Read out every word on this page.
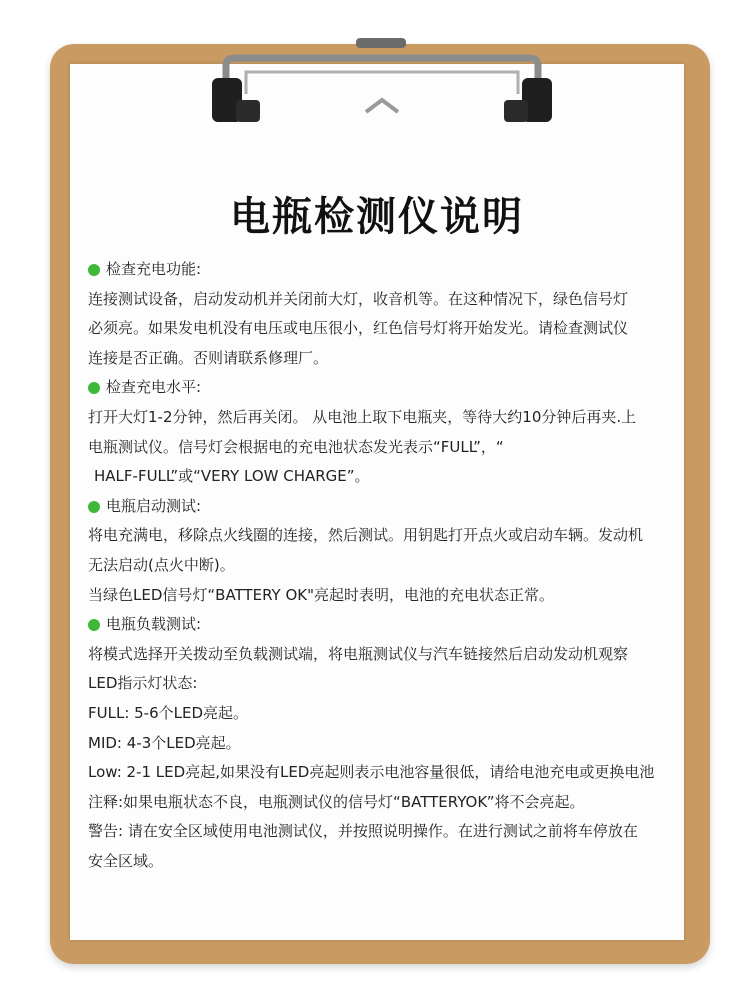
电瓶检测仪说明
检查充电功能:
连接测试设备，启动发动机并关闭前大灯，收音机等。在这种情况下，绿色信号灯
必须亮。如果发电机没有电压或电压很小，红色信号灯将开始发光。请检查测试仪
连接是否正确。否则请联系修理厂。
检查充电水平:
打开大灯1-2分钟，然后再关闭。 从电池上取下电瓶夹，等待大约10分钟后再夹.上
电瓶测试仪。信号灯会根据电的充电池状态发光表示“FULL”，“
HALF-FULL”或“VERY LOW CHARGE”。
电瓶启动测试:
将电充满电，移除点火线圈的连接，然后测试。用钥匙打开点火或启动车辆。发动机
无法启动(点火中断)。
当绿色LED信号灯“BATTERY OK"亮起时表明，电池的充电状态正常。
电瓶负载测试:
将模式选择开关拨动至负载测试端，将电瓶测试仪与汽车链接然后启动发动机观察
LED指示灯状态:
FULL: 5-6个LED亮起。
MID: 4-3个LED亮起。
Low: 2-1 LED亮起,如果没有LED亮起则表示电池容量很低，请给电池充电或更换电池
注释:如果电瓶状态不良，电瓶测试仪的信号灯“BATTERYOK”将不会亮起。
警告: 请在安全区域使用电池测试仪，并按照说明操作。在进行测试之前将车停放在
安全区域。
